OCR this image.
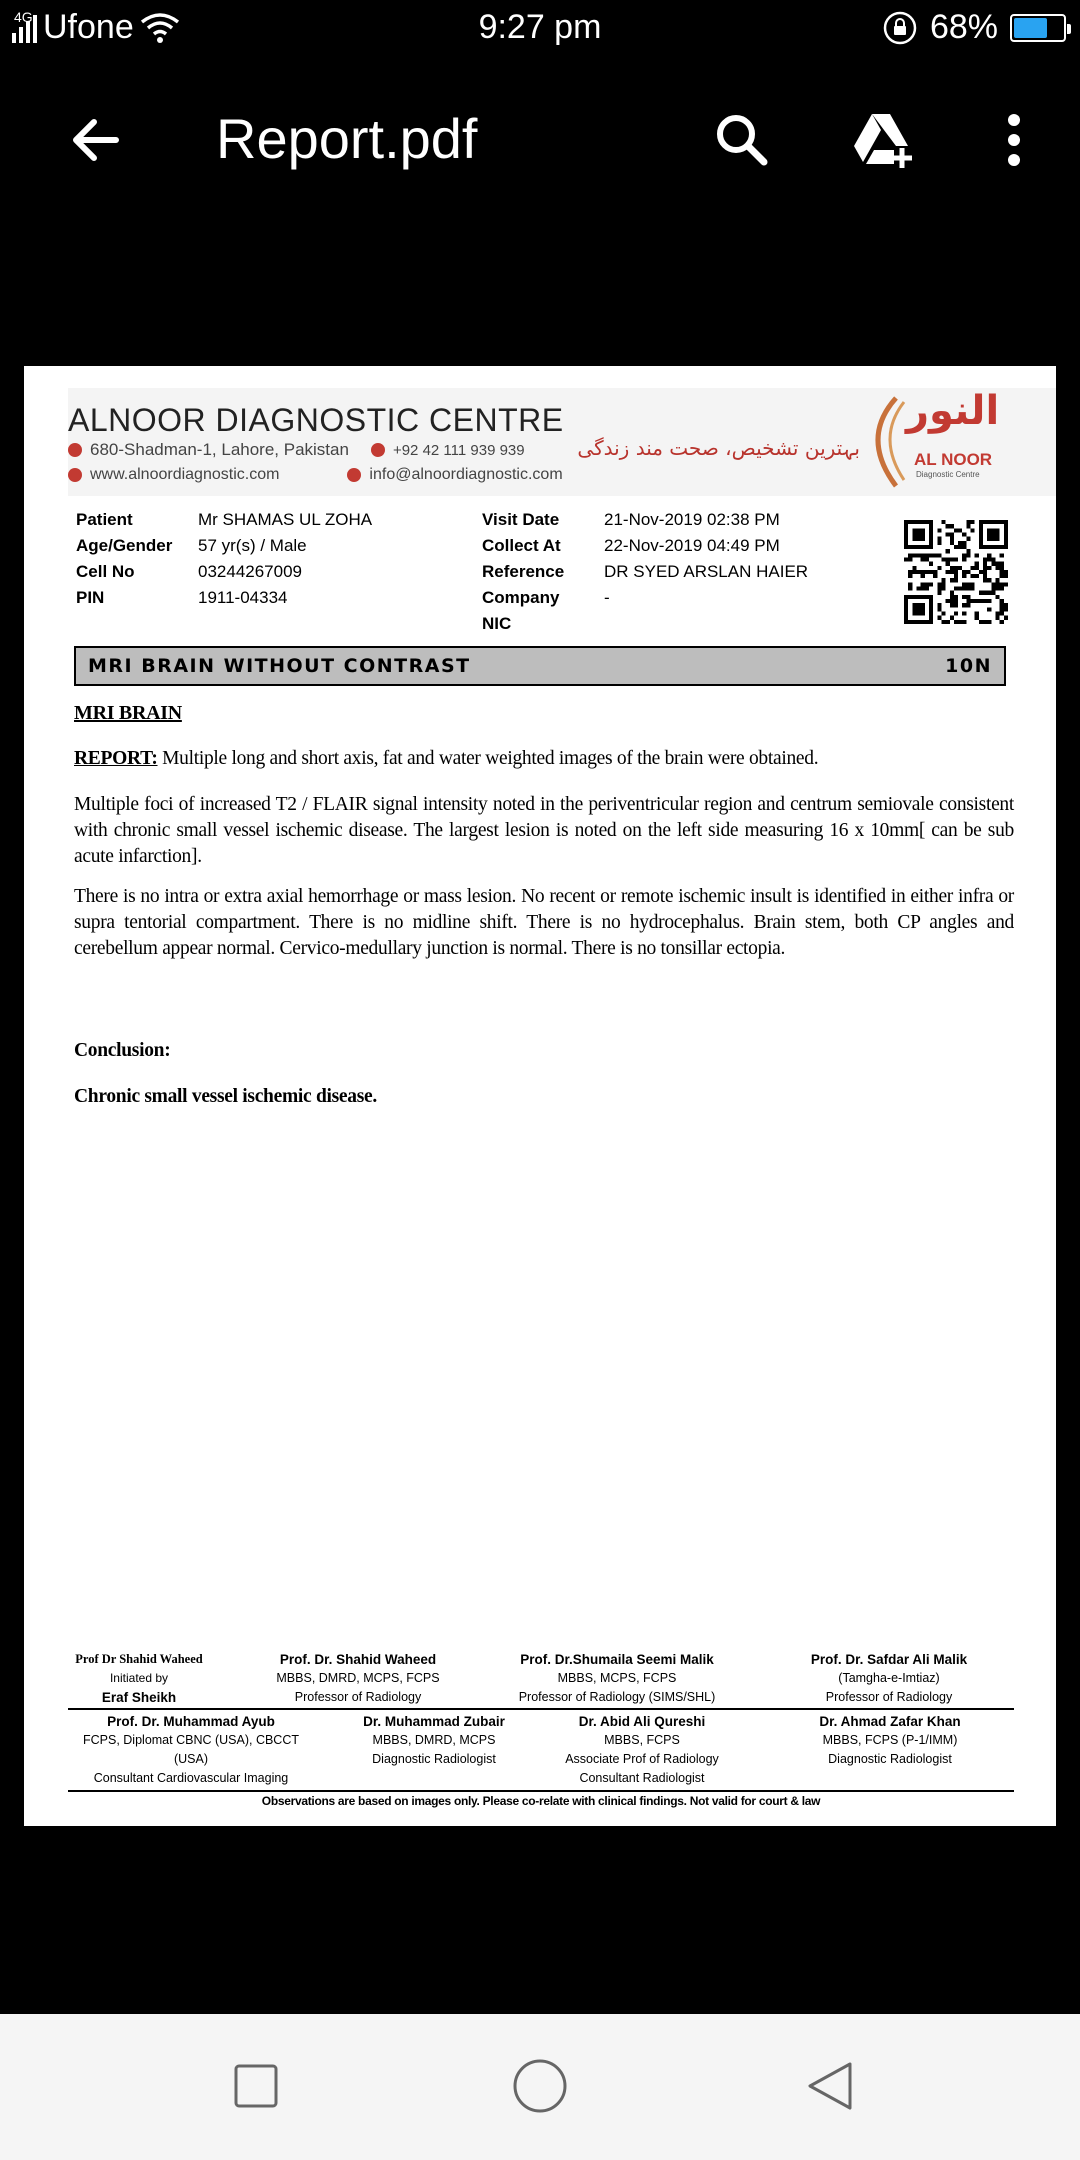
4G Ufone	9:27 pm	68%
Report.pdf
ALNOOR DIAGNOSTIC CENTRE
680-Shadman-1, Lahore, Pakistan	+92 42 111 939 939
www.alnoordiagnostic.com	info@alnoordiagnostic.com
بہترین تشخیص، صحت مند زندگی
النور
AL NOOR
Diagnostic Centre
Patient	Mr SHAMAS UL ZOHA
Age/Gender	57 yr(s) / Male
Cell No	03244267009
PIN	1911-04334
Visit Date	21-Nov-2019 02:38 PM
Collect At	22-Nov-2019 04:49 PM
Reference	DR SYED ARSLAN HAIER
Company	-
NIC
MRI BRAIN WITHOUT CONTRAST	10N
MRI BRAIN
REPORT: Multiple long and short axis, fat and water weighted images of the brain were obtained.
Multiple foci of increased T2 / FLAIR signal intensity noted in the periventricular region and centrum semiovale consistent with chronic small vessel ischemic disease. The largest lesion is noted on the left side measuring 16 x 10mm[ can be sub acute infarction].
There is no intra or extra axial hemorrhage or mass lesion. No recent or remote ischemic insult is identified in either infra or supra tentorial compartment. There is no midline shift. There is no hydrocephalus. Brain stem, both CP angles and cerebellum appear normal. Cervico-medullary junction is normal. There is no tonsillar ectopia.
Conclusion:
Chronic small vessel ischemic disease.
Prof Dr Shahid Waheed
Initiated by
Eraf Sheikh
Prof. Dr. Shahid Waheed
MBBS, DMRD, MCPS, FCPS
Professor of Radiology
Prof. Dr.Shumaila Seemi Malik
MBBS, MCPS, FCPS
Professor of Radiology (SIMS/SHL)
Prof. Dr. Safdar Ali Malik
(Tamgha-e-Imtiaz)
Professor of Radiology
Prof. Dr. Muhammad Ayub
FCPS, Diplomat CBNC (USA), CBCCT (USA)
Consultant Cardiovascular Imaging
Dr. Muhammad Zubair
MBBS, DMRD, MCPS
Diagnostic Radiologist
Dr. Abid Ali Qureshi
MBBS, FCPS
Associate Prof of Radiology
Consultant Radiologist
Dr. Ahmad Zafar Khan
MBBS, FCPS (P-1/IMM)
Diagnostic Radiologist
Observations are based on images only. Please co-relate with clinical findings. Not valid for court & law
